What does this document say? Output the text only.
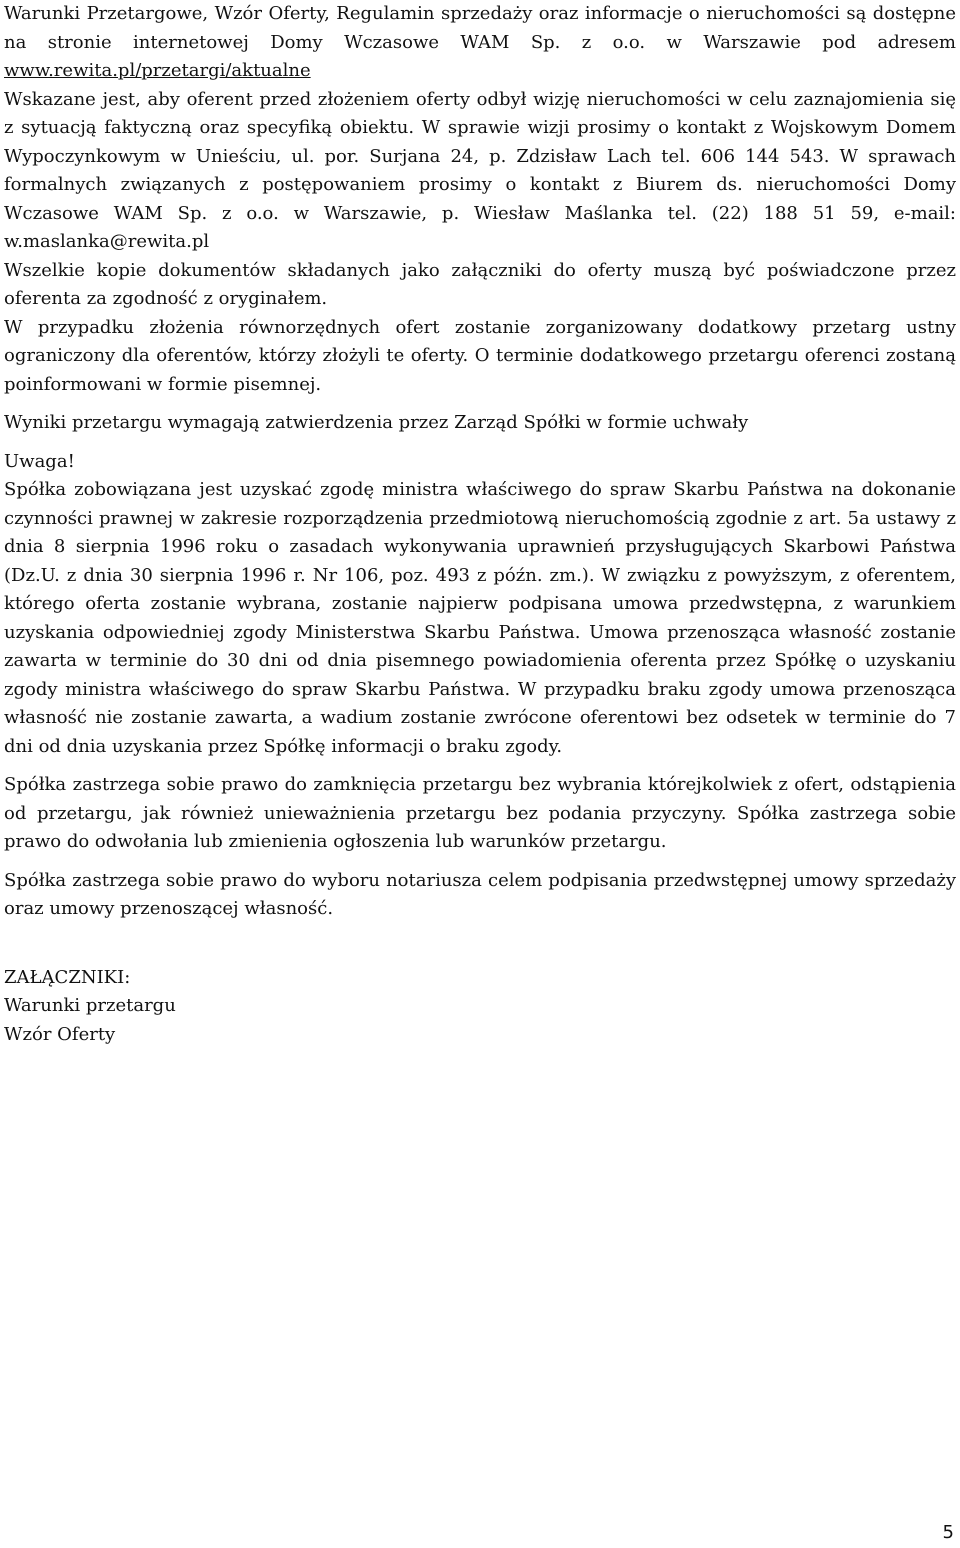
Warunki Przetargowe, Wzór Oferty, Regulamin sprzedaży oraz informacje o nieruchomości są dostępne na stronie internetowej Domy Wczasowe WAM Sp. z o.o. w Warszawie pod adresem www.rewita.pl/przetargi/aktualne

Wskazane jest, aby oferent przed złożeniem oferty odbył wizję nieruchomości w celu zaznajomienia się z sytuacją faktyczną oraz specyfiką obiektu. W sprawie wizji prosimy o kontakt z Wojskowym Domem Wypoczynkowym w Unieściu, ul. por. Surjana 24, p. Zdzisław Lach tel. 606 144 543. W sprawach formalnych związanych z postępowaniem prosimy o kontakt z Biurem ds. nieruchomości Domy Wczasowe WAM Sp. z o.o. w Warszawie, p. Wiesław Maślanka tel. (22) 188 51 59, e-mail: w.maslanka@rewita.pl

Wszelkie kopie dokumentów składanych jako załączniki do oferty muszą być poświadczone przez oferenta za zgodność z oryginałem.

W przypadku złożenia równorzędnych ofert zostanie zorganizowany dodatkowy przetarg ustny ograniczony dla oferentów, którzy złożyli te oferty. O terminie dodatkowego przetargu oferenci zostaną poinformowani w formie pisemnej.

Wyniki przetargu wymagają zatwierdzenia przez Zarząd Spółki w formie uchwały

Uwaga!

Spółka zobowiązana jest uzyskać zgodę ministra właściwego do spraw Skarbu Państwa na dokonanie czynności prawnej w zakresie rozporządzenia przedmiotową nieruchomością zgodnie z art. 5a ustawy z dnia 8 sierpnia 1996 roku o zasadach wykonywania uprawnień przysługujących Skarbowi Państwa (Dz.U. z dnia 30 sierpnia 1996 r. Nr 106, poz. 493 z późn. zm.). W związku z powyższym, z oferentem, którego oferta zostanie wybrana, zostanie najpierw podpisana umowa przedwstępna, z warunkiem uzyskania odpowiedniej zgody Ministerstwa Skarbu Państwa. Umowa przenosząca własność zostanie zawarta w terminie do 30 dni od dnia pisemnego powiadomienia oferenta przez Spółkę o uzyskaniu zgody ministra właściwego do spraw Skarbu Państwa. W przypadku braku zgody umowa przenosząca własność nie zostanie zawarta, a wadium zostanie zwrócone oferentowi bez odsetek w terminie do 7 dni od dnia uzyskania przez Spółkę informacji o braku zgody.

Spółka zastrzega sobie prawo do zamknięcia przetargu bez wybrania którejkolwiek z ofert, odstąpienia od przetargu, jak również unieważnienia przetargu bez podania przyczyny. Spółka zastrzega sobie prawo do odwołania lub zmienienia ogłoszenia lub warunków przetargu.

Spółka zastrzega sobie prawo do wyboru notariusza celem podpisania przedwstępnej umowy sprzedaży oraz umowy przenoszącej własność.

ZAŁĄCZNIKI:
Warunki przetargu
Wzór Oferty
5
